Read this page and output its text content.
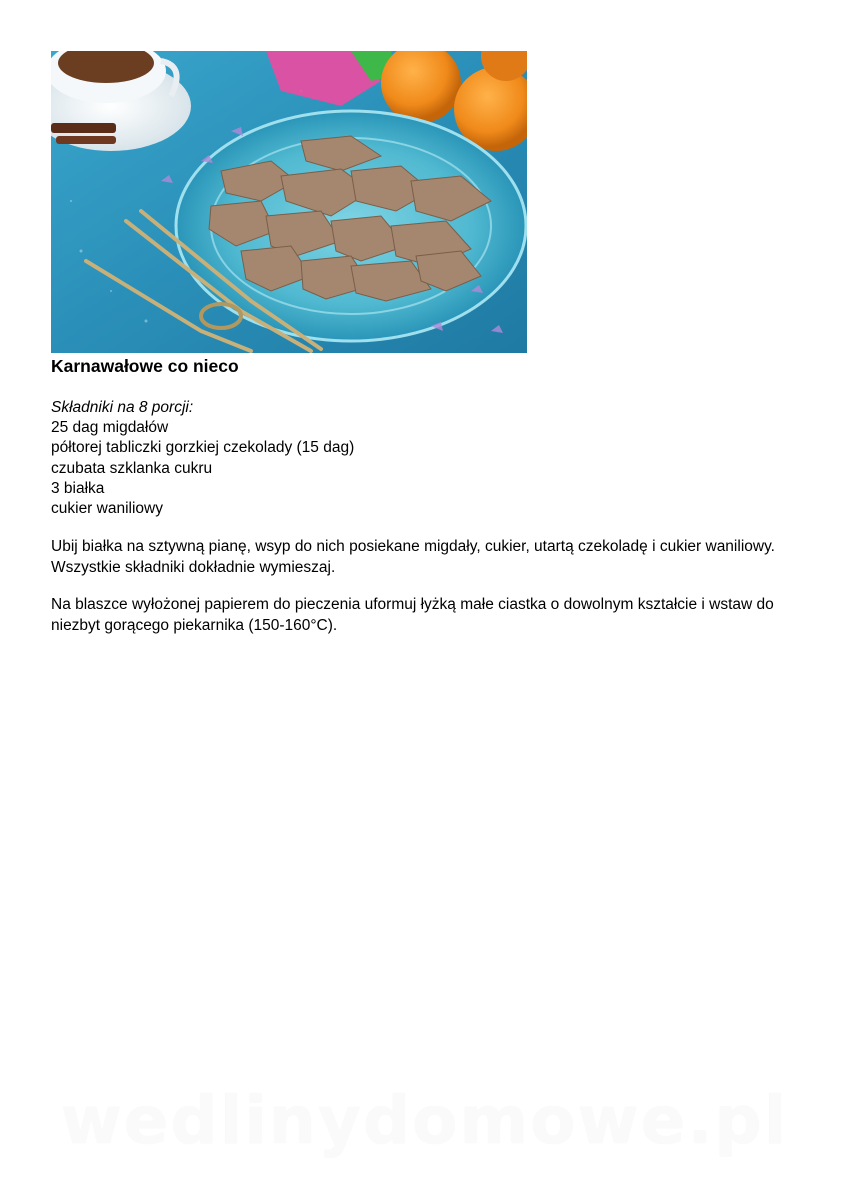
Karnawałowe co nieco
Składniki na 8 porcji:
25 dag migdałów
półtorej tabliczki gorzkiej czekolady (15 dag)
czubata szklanka cukru
3 białka
cukier waniliowy

Ubij białka na sztywną pianę, wsyp do nich posiekane migdały, cukier, utartą czekoladę i cukier waniliowy. Wszystkie składniki dokładnie wymieszaj.

Na blaszce wyłożonej papierem do pieczenia uformuj łyżką małe ciastka o dowolnym kształcie i wstaw do niezbyt gorącego piekarnika (150-160°C).

wedlinydomowe.pl
